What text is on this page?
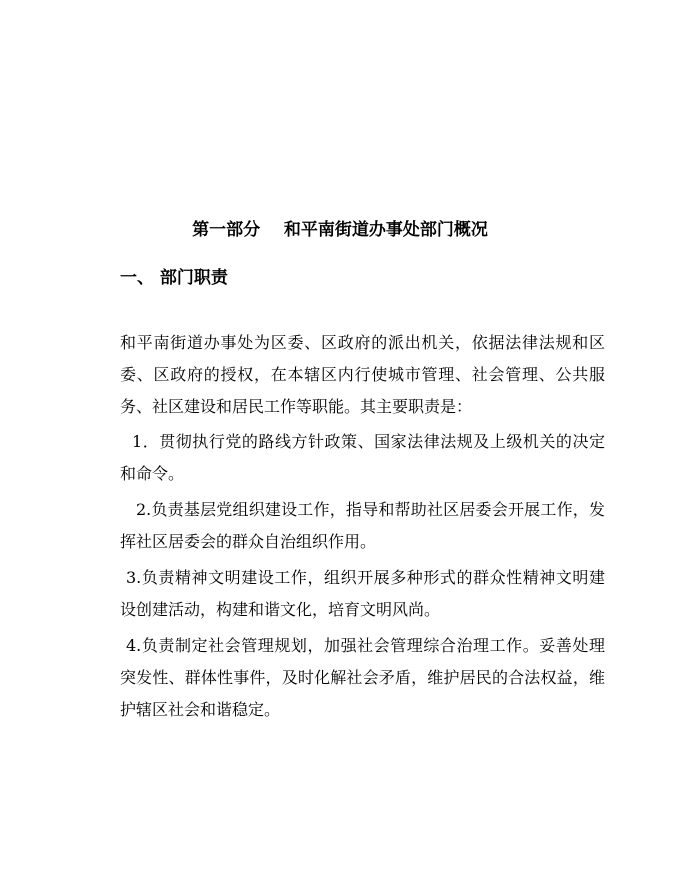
第一部分    和平南街道办事处部门概况
一、 部门职责

和平南街道办事处为区委、区政府的派出机关，依据法律法规和区委、区政府的授权，在本辖区内行使城市管理、社会管理、公共服务、社区建设和居民工作等职能。其主要职责是：

1．贯彻执行党的路线方针政策、国家法律法规及上级机关的决定和命令。

2.负责基层党组织建设工作，指导和帮助社区居委会开展工作，发挥社区居委会的群众自治组织作用。

3.负责精神文明建设工作，组织开展多种形式的群众性精神文明建设创建活动，构建和谐文化，培育文明风尚。

4.负责制定社会管理规划，加强社会管理综合治理工作。妥善处理突发性、群体性事件，及时化解社会矛盾，维护居民的合法权益，维护辖区社会和谐稳定。
